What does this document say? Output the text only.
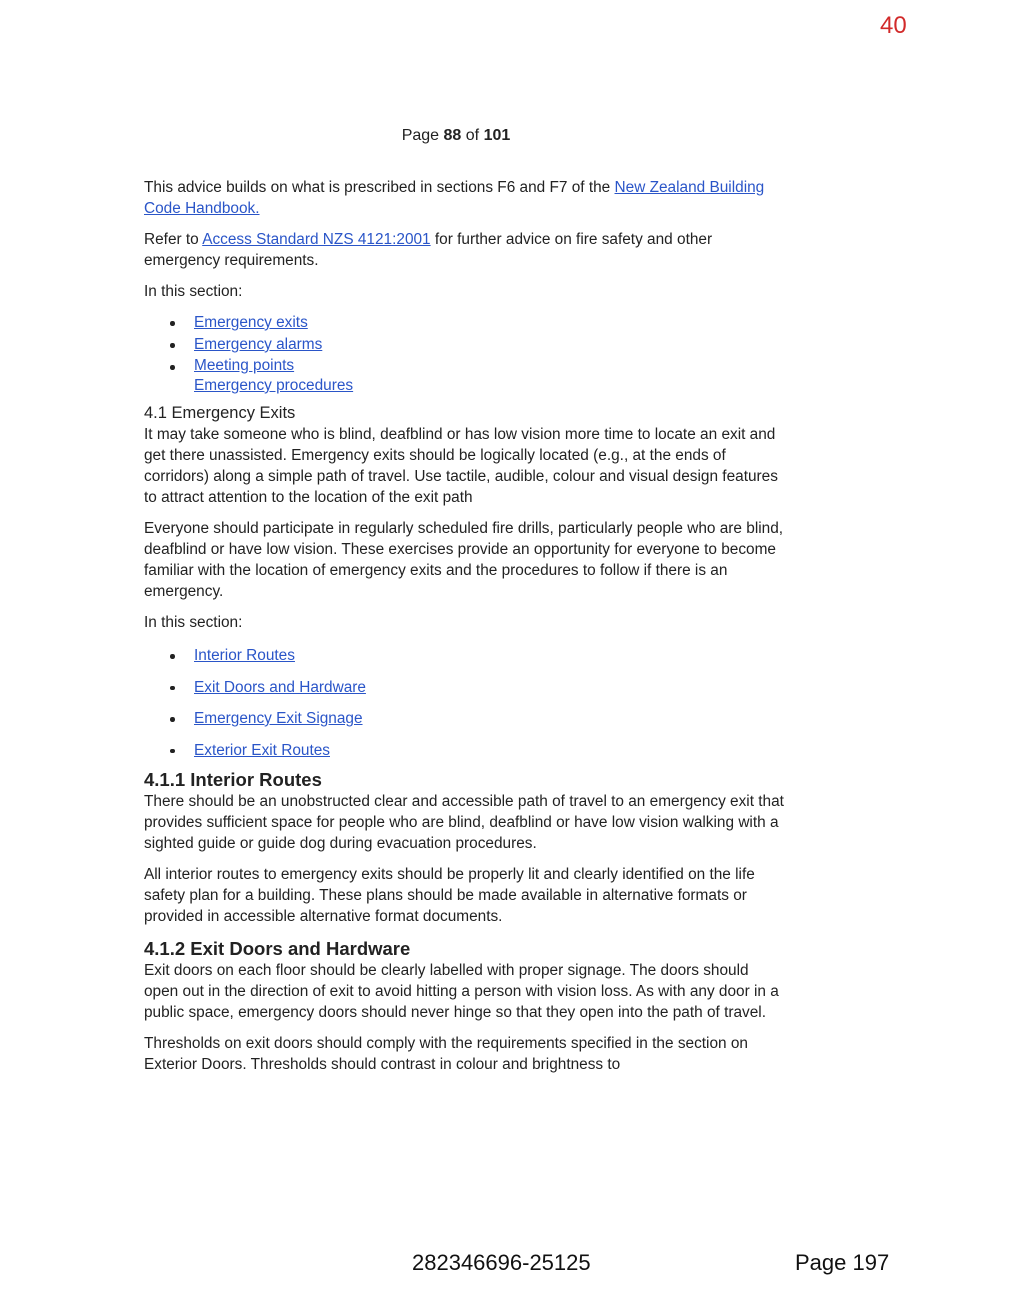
40
Page 88 of 101

This advice builds on what is prescribed in sections F6 and F7 of the New Zealand Building Code Handbook.

Refer to Access Standard NZS 4121:2001 for further advice on fire safety and other emergency requirements.

In this section:

Emergency exits
Emergency alarms
Meeting points
Emergency procedures
4.1 Emergency Exits

It may take someone who is blind, deafblind or has low vision more time to locate an exit and get there unassisted. Emergency exits should be logically located (e.g., at the ends of corridors) along a simple path of travel. Use tactile, audible, colour and visual design features to attract attention to the location of the exit path

Everyone should participate in regularly scheduled fire drills, particularly people who are blind, deafblind or have low vision. These exercises provide an opportunity for everyone to become familiar with the location of emergency exits and the procedures to follow if there is an emergency.

In this section:

Interior Routes
Exit Doors and Hardware
Emergency Exit Signage
Exterior Exit Routes
4.1.1 Interior Routes

There should be an unobstructed clear and accessible path of travel to an emergency exit that provides sufficient space for people who are blind, deafblind or have low vision walking with a sighted guide or guide dog during evacuation procedures.

All interior routes to emergency exits should be properly lit and clearly identified on the life safety plan for a building. These plans should be made available in alternative formats or provided in accessible alternative format documents.

4.1.2 Exit Doors and Hardware

Exit doors on each floor should be clearly labelled with proper signage. The doors should open out in the direction of exit to avoid hitting a person with vision loss. As with any door in a public space, emergency doors should never hinge so that they open into the path of travel.

Thresholds on exit doors should comply with the requirements specified in the section on Exterior Doors. Thresholds should contrast in colour and brightness to

282346696-25125	Page 197
